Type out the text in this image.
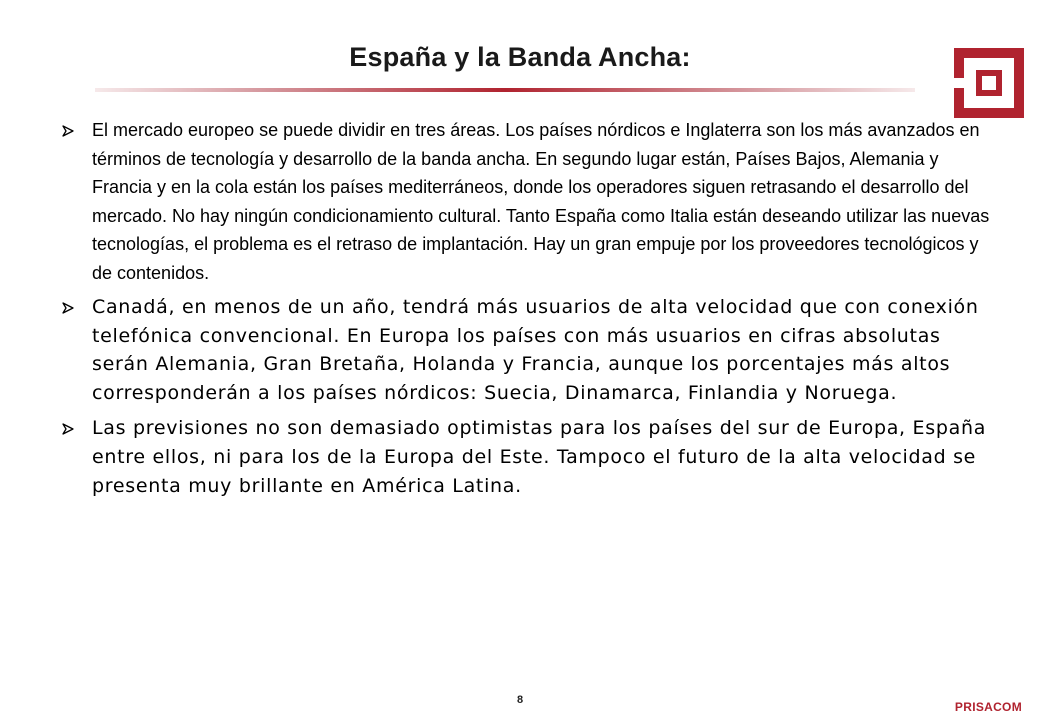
España y la Banda Ancha:
El mercado europeo se puede dividir en tres áreas. Los países nórdicos e Inglaterra son los más avanzados en términos de tecnología y desarrollo de la banda ancha. En segundo lugar están, Países Bajos, Alemania y Francia y en la cola están los países mediterráneos, donde los operadores siguen retrasando el desarrollo del mercado. No hay ningún condicionamiento cultural. Tanto España como Italia están deseando utilizar las nuevas tecnologías, el problema es el retraso de implantación. Hay un gran empuje por los proveedores tecnológicos y de contenidos.
Canadá, en menos de un año, tendrá más usuarios de alta velocidad que con conexión telefónica convencional. En Europa los países con más usuarios en cifras absolutas serán Alemania, Gran Bretaña, Holanda y Francia, aunque los porcentajes más altos corresponderán a los países nórdicos: Suecia, Dinamarca, Finlandia y Noruega.
Las previsiones no son demasiado optimistas para los países del sur de Europa, España entre ellos, ni para los de la Europa del Este. Tampoco el futuro de la alta velocidad se presenta muy brillante en América Latina.
8	PRISACOM
